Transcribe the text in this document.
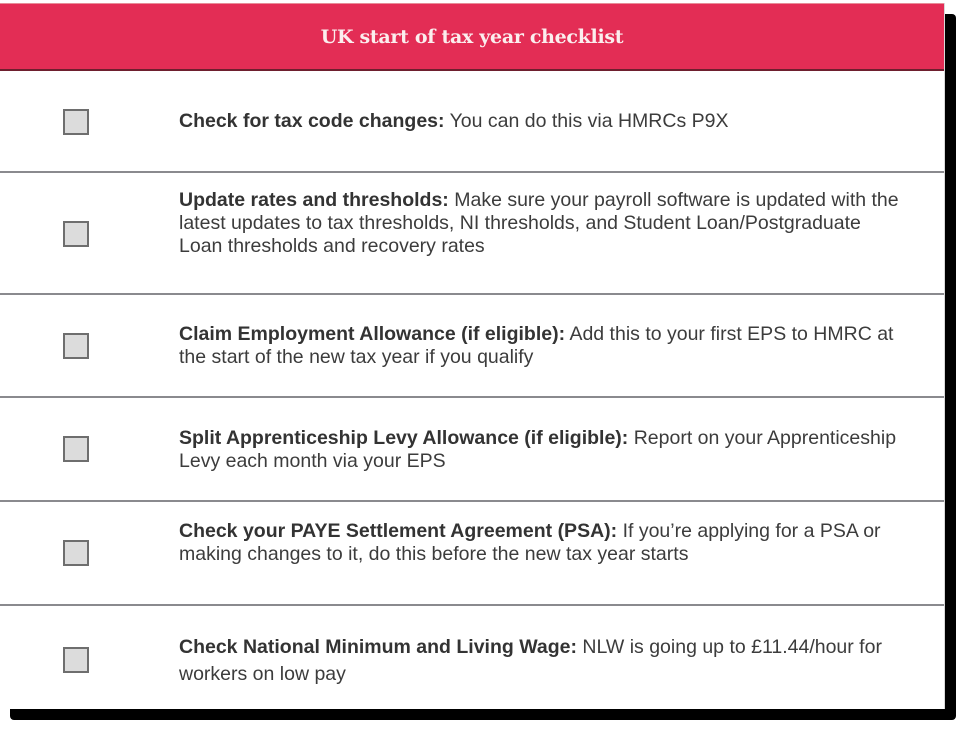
UK start of tax year checklist
Check for tax code changes: You can do this via HMRCs P9X
Update rates and thresholds: Make sure your payroll software is updated with the latest updates to tax thresholds, NI thresholds, and Student Loan/Postgraduate Loan thresholds and recovery rates
Claim Employment Allowance (if eligible): Add this to your first EPS to HMRC at the start of the new tax year if you qualify
Split Apprenticeship Levy Allowance (if eligible): Report on your Apprenticeship Levy each month via your EPS
Check your PAYE Settlement Agreement (PSA): If you’re applying for a PSA or making changes to it, do this before the new tax year starts
Check National Minimum and Living Wage: NLW is going up to £11.44/hour for workers on low pay
